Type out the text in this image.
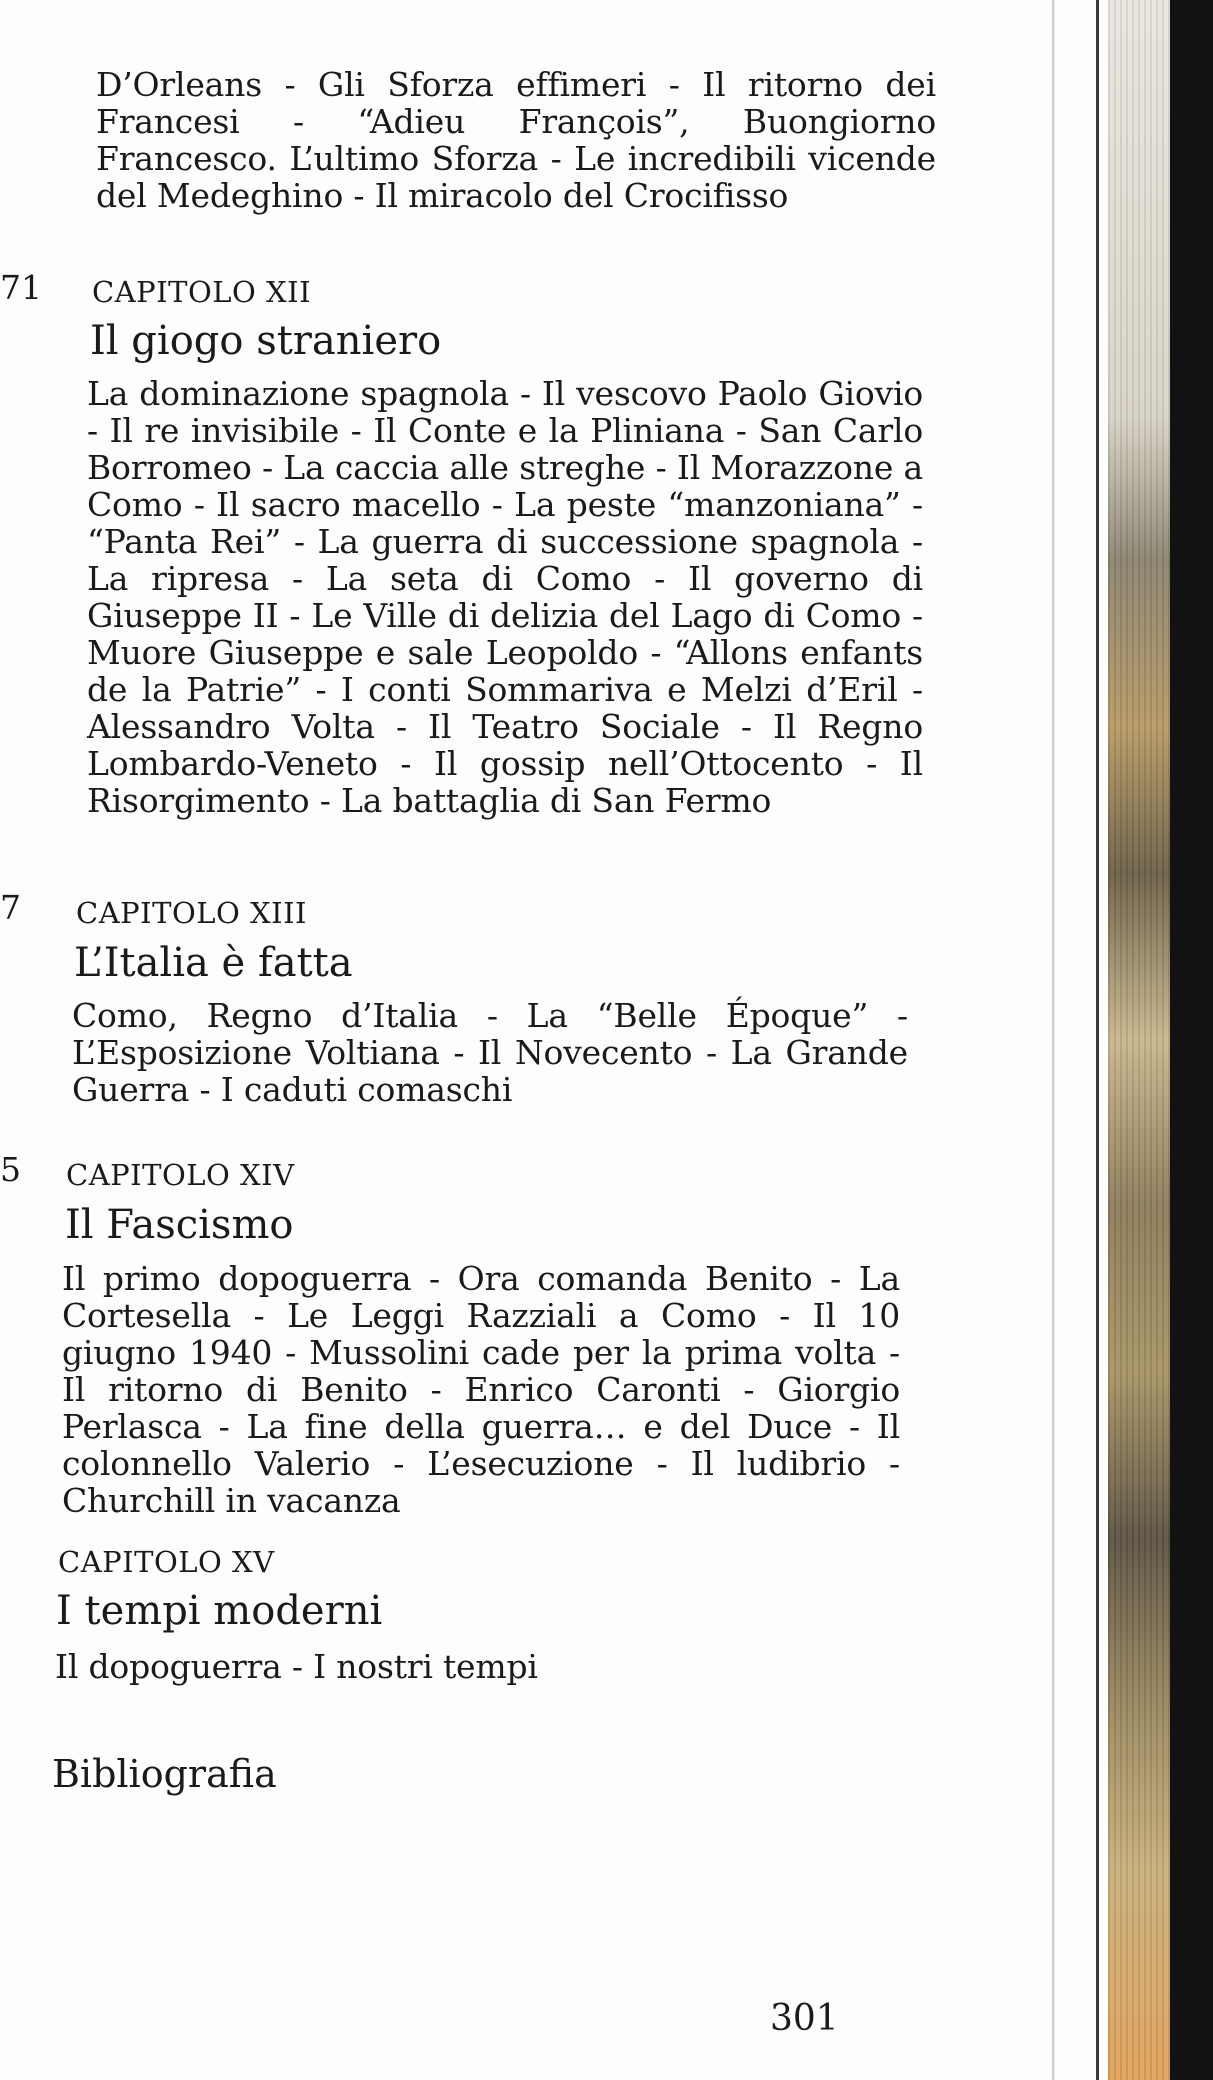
D’Orleans - Gli Sforza effimeri - Il ritorno dei Francesi - “Adieu François”, Buongiorno Francesco. L’ultimo Sforza - Le incredibili vicende del Medeghino - Il miracolo del Crocifisso

71 CAPITOLO XII
Il giogo straniero

La dominazione spagnola - Il vescovo Paolo Giovio - Il re invisibile - Il Conte e la Pliniana - San Carlo Borromeo - La caccia alle streghe - Il Morazzone a Como - Il sacro macello - La peste “manzoniana” - “Panta Rei” - La guerra di successione spagnola - La ripresa - La seta di Como - Il governo di Giuseppe II - Le Ville di delizia del Lago di Como - Muore Giuseppe e sale Leopoldo - “Allons enfants de la Patrie” - I conti Sommariva e Melzi d’Eril - Alessandro Volta - Il Teatro Sociale - Il Regno Lombardo-Veneto - Il gossip nell’Ottocento - Il Risorgimento - La battaglia di San Fermo

7 CAPITOLO XIII
L’Italia è fatta

Como, Regno d’Italia - La “Belle Époque” - L’Esposizione Voltiana - Il Novecento - La Grande Guerra - I caduti comaschi

5 CAPITOLO XIV
Il Fascismo

Il primo dopoguerra - Ora comanda Benito - La Cortesella - Le Leggi Razziali a Como - Il 10 giugno 1940 - Mussolini cade per la prima volta - Il ritorno di Benito - Enrico Caronti - Giorgio Perlasca - La fine della guerra… e del Duce - Il colonnello Valerio - L’esecuzione - Il ludibrio - Churchill in vacanza

CAPITOLO XV
I tempi moderni

Il dopoguerra - I nostri tempi

Bibliografia
301
